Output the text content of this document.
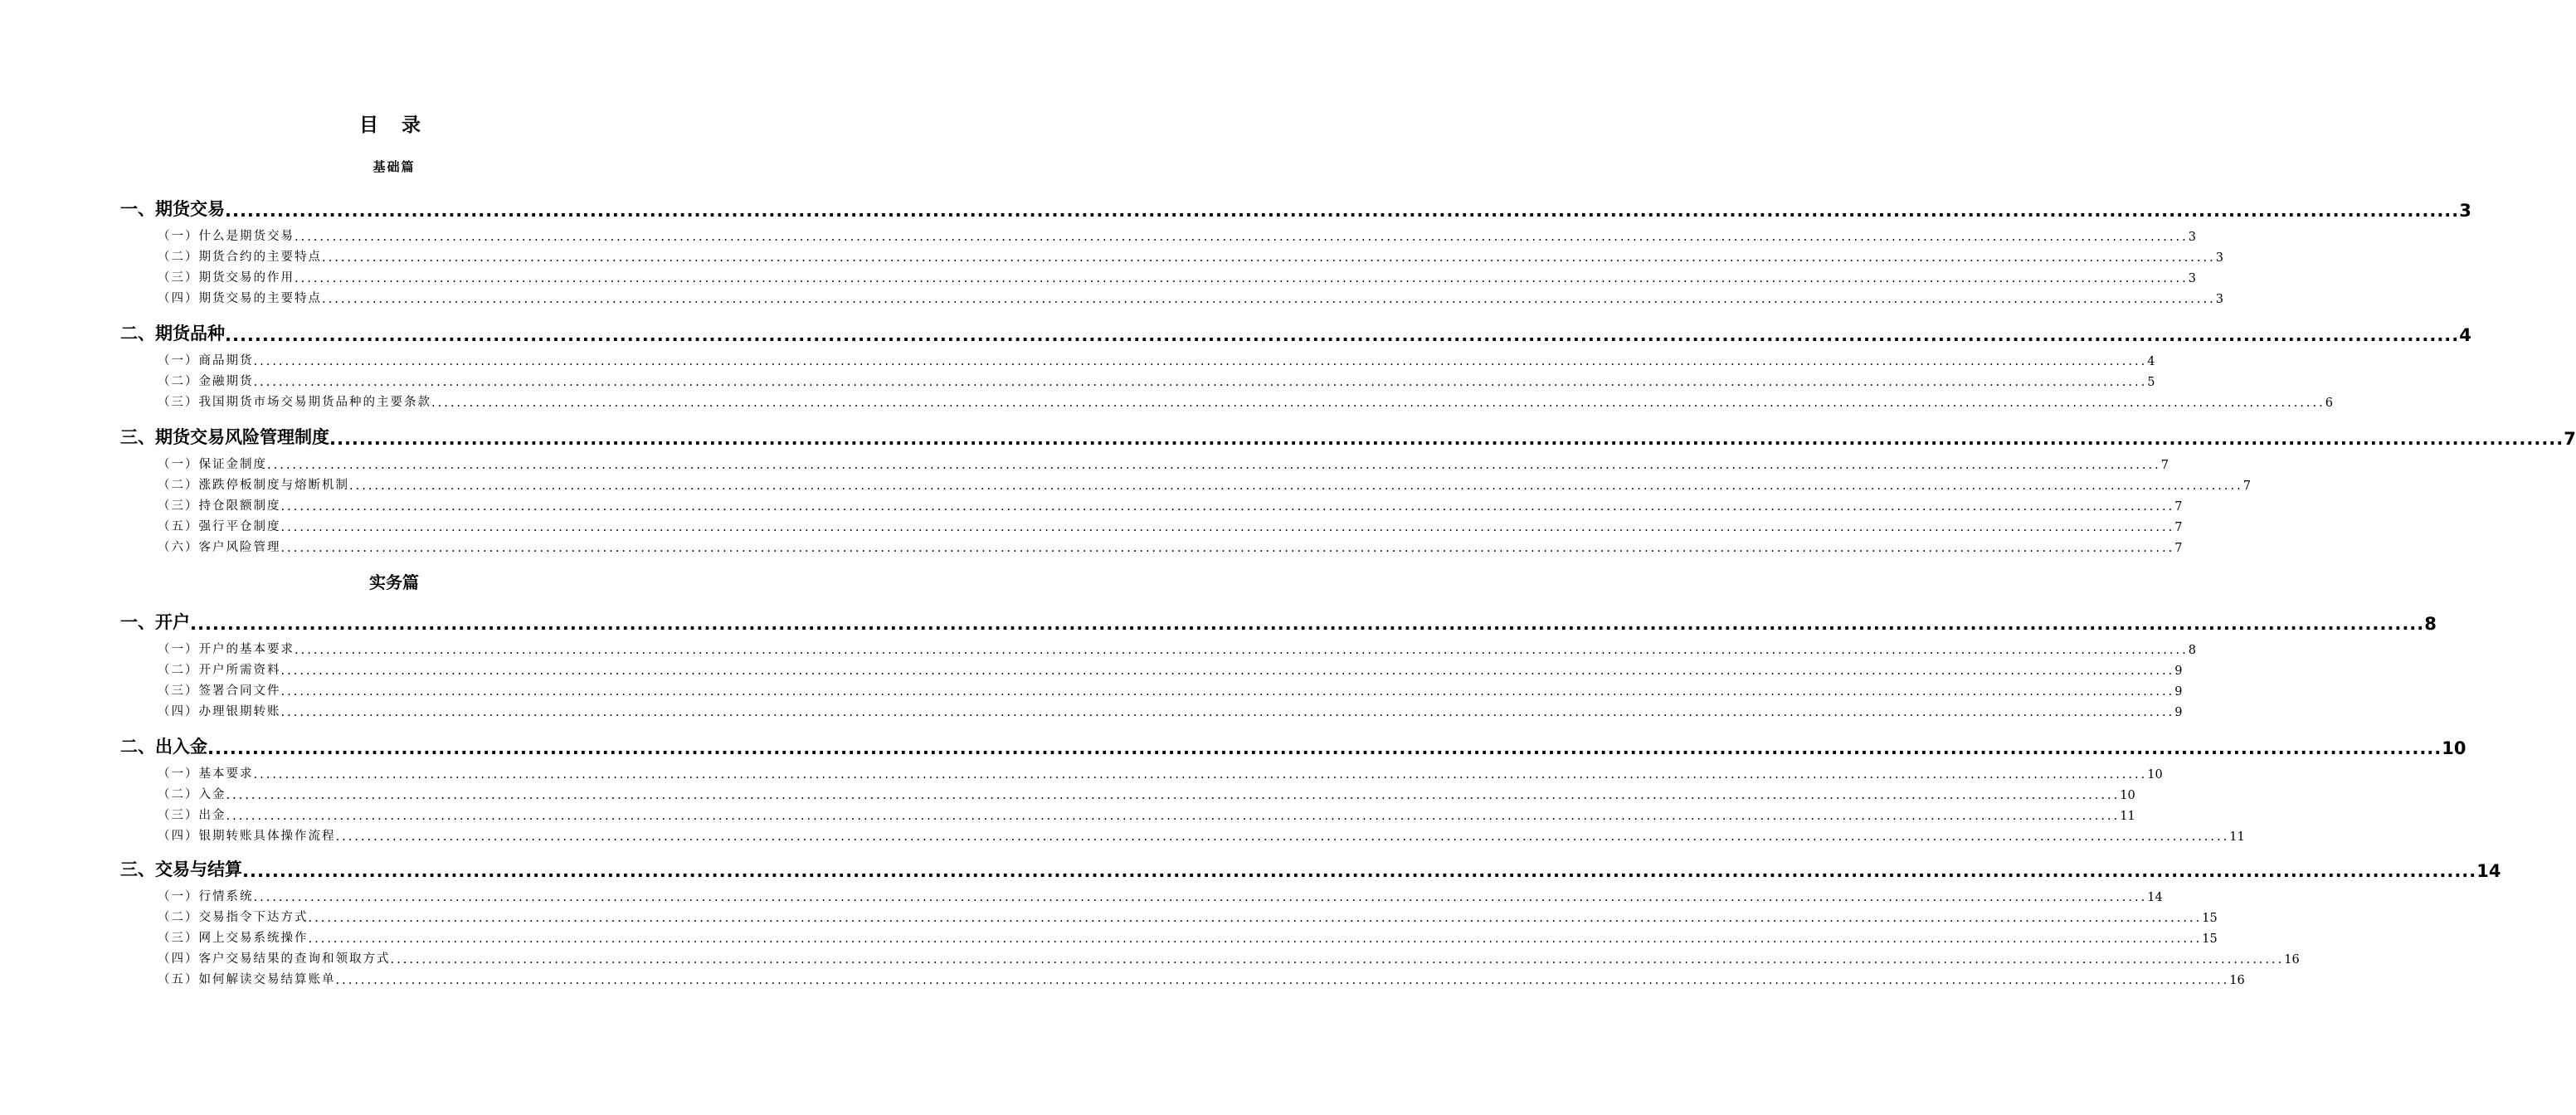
目 录
基础篇
一、期货交易 ............................................................................................................................................................................................................................................................................................................ 3
（一）什么是期货交易 ............................................................................................................................................................................................................................................................................................................ 3
（二）期货合约的主要特点 ............................................................................................................................................................................................................................................................................................................ 3
（三）期货交易的作用 ............................................................................................................................................................................................................................................................................................................ 3
（四）期货交易的主要特点 ............................................................................................................................................................................................................................................................................................................ 3
二、期货品种 ............................................................................................................................................................................................................................................................................................................ 4
（一）商品期货 ............................................................................................................................................................................................................................................................................................................ 4
（二）金融期货 ............................................................................................................................................................................................................................................................................................................ 5
（三）我国期货市场交易期货品种的主要条款 ............................................................................................................................................................................................................................................................................................................ 6
三、期货交易风险管理制度 ............................................................................................................................................................................................................................................................................................................ 7
（一）保证金制度 ............................................................................................................................................................................................................................................................................................................ 7
（二）涨跌停板制度与熔断机制 ............................................................................................................................................................................................................................................................................................................ 7
（三）持仓限额制度 ............................................................................................................................................................................................................................................................................................................ 7
（五）强行平仓制度 ............................................................................................................................................................................................................................................................................................................ 7
（六）客户风险管理 ............................................................................................................................................................................................................................................................................................................ 7
实务篇
一、开户 ............................................................................................................................................................................................................................................................................................................ 8
（一）开户的基本要求 ............................................................................................................................................................................................................................................................................................................ 8
（二）开户所需资料 ............................................................................................................................................................................................................................................................................................................ 9
（三）签署合同文件 ............................................................................................................................................................................................................................................................................................................ 9
（四）办理银期转账 ............................................................................................................................................................................................................................................................................................................ 9
二、出入金 ............................................................................................................................................................................................................................................................................................................ 10
（一）基本要求 ............................................................................................................................................................................................................................................................................................................ 10
（二）入金 ............................................................................................................................................................................................................................................................................................................ 10
（三）出金 ............................................................................................................................................................................................................................................................................................................ 11
（四）银期转账具体操作流程 ............................................................................................................................................................................................................................................................................................................ 11
三、交易与结算 ............................................................................................................................................................................................................................................................................................................ 14
（一）行情系统 ............................................................................................................................................................................................................................................................................................................ 14
（二）交易指令下达方式 ............................................................................................................................................................................................................................................................................................................ 15
（三）网上交易系统操作 ............................................................................................................................................................................................................................................................................................................ 15
（四）客户交易结果的查询和领取方式 ............................................................................................................................................................................................................................................................................................................ 16
（五）如何解读交易结算账单 ............................................................................................................................................................................................................................................................................................................ 16
